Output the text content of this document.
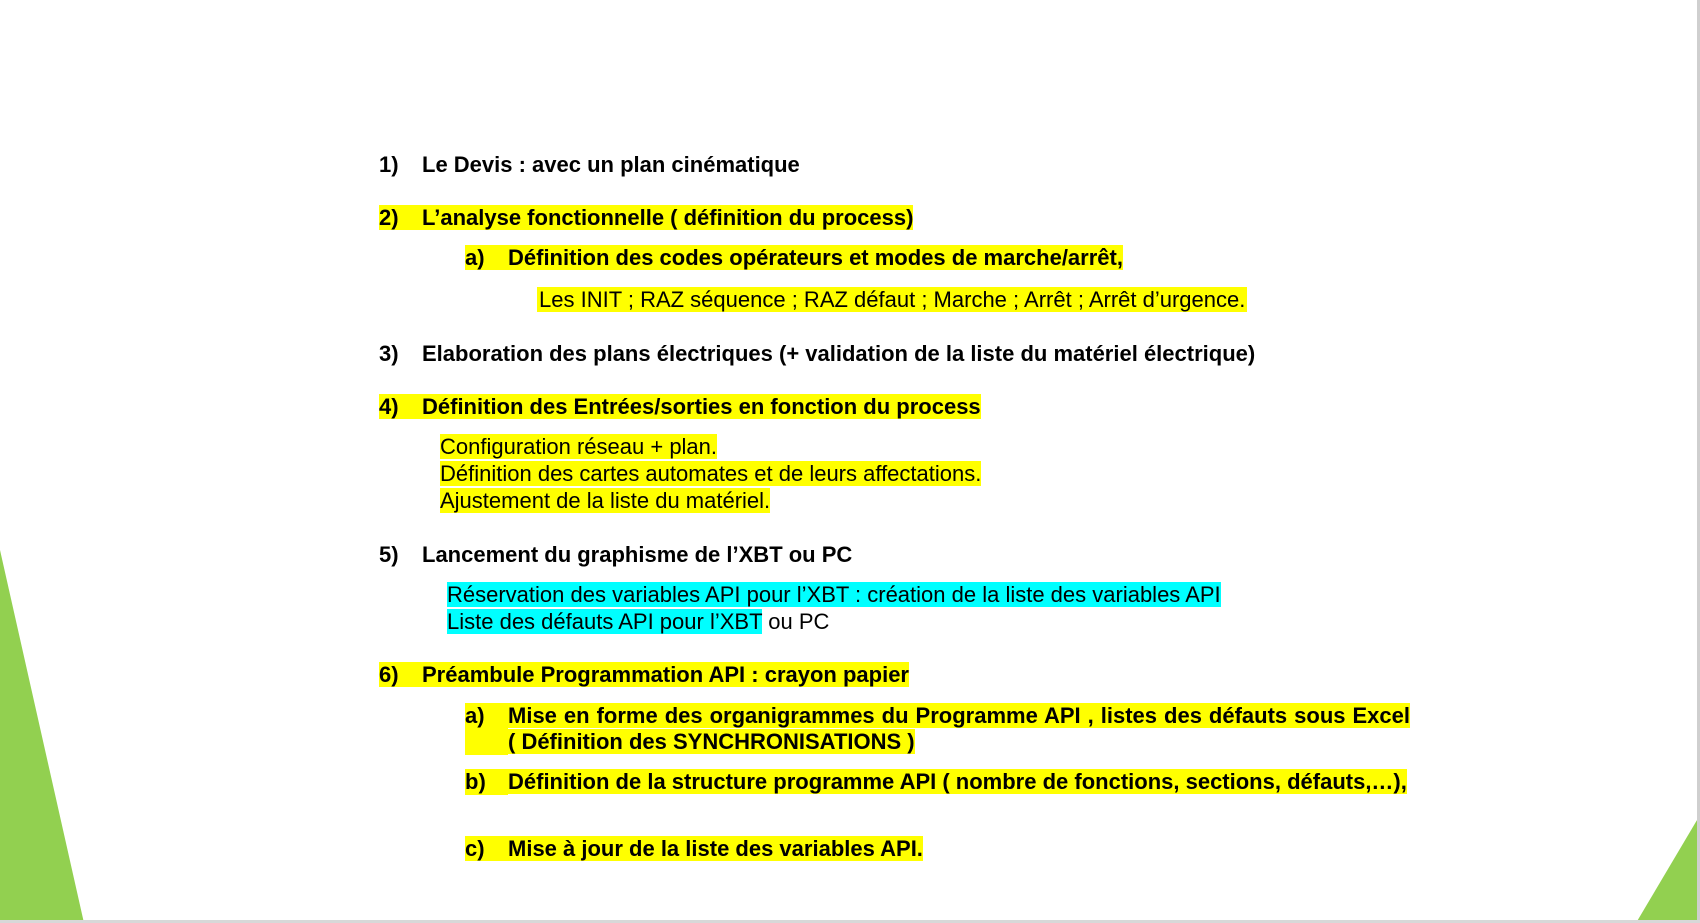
1) Le Devis : avec un plan cinématique
2) L’analyse fonctionnelle ( définition du process)
a) Définition des codes opérateurs et modes de marche/arrêt,
Les INIT ; RAZ séquence ; RAZ défaut ; Marche ; Arrêt ; Arrêt d’urgence.
3) Elaboration des plans électriques (+ validation de la liste du matériel électrique)
4) Définition des Entrées/sorties en fonction du process
Configuration réseau + plan.
Définition des cartes automates et de leurs affectations.
Ajustement de la liste du matériel.
5) Lancement du graphisme de l’XBT ou PC
Réservation des variables API pour l’XBT : création de la liste des variables API
Liste des défauts API pour l’XBT ou PC
6) Préambule Programmation API : crayon papier
a)	Mise en forme des organigrammes du Programme API , listes des défauts sous Excel ( Définition des SYNCHRONISATIONS )
b)	Définition de la structure programme API ( nombre de fonctions, sections, défauts,…),
c) Mise à jour de la liste des variables API.
